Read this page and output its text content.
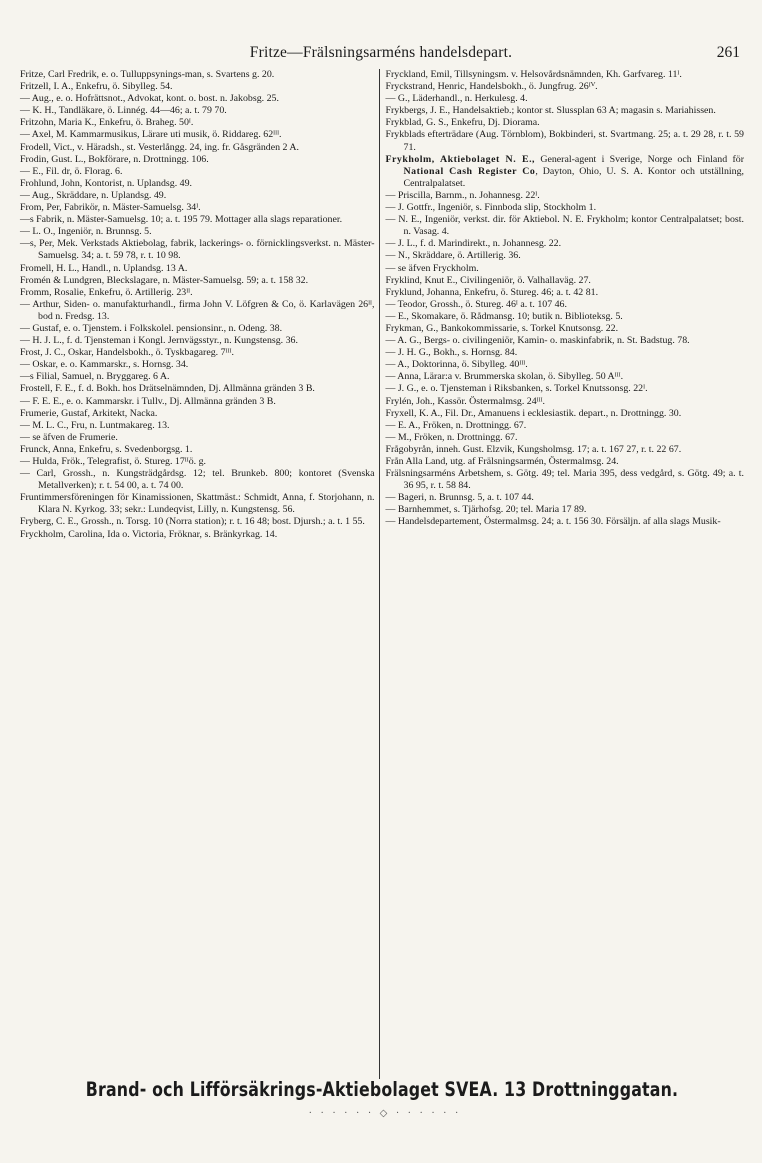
Fritze—Frälsningsarméns handelsdepart.	261

Fritze, Carl Fredrik, e. o. Tulluppsynings-man, s. Svartens g. 20.

Fritzell, I. A., Enkefru, ö. Sibylleg. 54.

— Aug., e. o. Hofrättsnot., Advokat, kont. o. bost. n. Jakobsg. 25.

— K. H., Tandläkare, ö. Linnég. 44—46; a. t. 79 70.

Fritzohn, Maria K., Enkefru, ö. Braheg. 50ᴵ.

— Axel, M. Kammarmusikus, Lärare uti musik, ö. Riddareg. 62ᴵᴵᴵ.

Frodell, Vict., v. Häradsh., st. Vesterlångg. 24, ing. fr. Gåsgränden 2 A.

Frodin, Gust. L., Bokförare, n. Drottningg. 106.

— E., Fil. dr, ö. Florag. 6.

Frohlund, John, Kontorist, n. Uplandsg. 49.

— Aug., Skräddare, n. Uplandsg. 49.

From, Per, Fabrikör, n. Mäster-Samuelsg. 34ᴵ.

—s Fabrik, n. Mäster-Samuelsg. 10; a. t. 195 79. Mottager alla slags reparationer.

— L. O., Ingeniör, n. Brunnsg. 5.

—s, Per, Mek. Verkstads Aktiebolag, fabrik, lackerings- o. förnicklingsverkst. n. Mäster-Samuelsg. 34; a. t. 59 78, r. t. 10 98.

Fromell, H. L., Handl., n. Uplandsg. 13 A.

Fromén & Lundgren, Bleckslagare, n. Mäster-Samuelsg. 59; a. t. 158 32.

Fromm, Rosalie, Enkefru, ö. Artillerig. 23ᴵᴵ.

— Arthur, Siden- o. manufakturhandl., firma John V. Löfgren & Co, ö. Karlavägen 26ᴵᴵ, bod n. Fredsg. 13.

— Gustaf, e. o. Tjenstem. i Folkskolel. pensionsinr., n. Odeng. 38.

— H. J. L., f. d. Tjensteman i Kongl. Jernvägsstyr., n. Kungstensg. 36.

Frost, J. C., Oskar, Handelsbokh., ö. Tyskbagareg. 7ᴵᴵᴵ.

— Oskar, e. o. Kammarskr., s. Hornsg. 34.

—s Filial, Samuel, n. Bryggareg. 6 A.

Frostell, F. E., f. d. Bokh. hos Drätselnämnden, Dj. Allmänna gränden 3 B.

— F. E. E., e. o. Kammarskr. i Tullv., Dj. Allmänna gränden 3 B.

Frumerie, Gustaf, Arkitekt, Nacka.

— M. L. C., Fru, n. Luntmakareg. 13.

— se äfven de Frumerie.

Frunck, Anna, Enkefru, s. Svedenborgsg. 1.

— Hulda, Frök., Telegrafist, ö. Stureg. 17ᴵᴵö. g.

— Carl, Grossh., n. Kungsträdgårdsg. 12; tel. Brunkeb. 800; kontoret (Svenska Metallverken); r. t. 54 00, a. t. 74 00.

Fruntimmersföreningen för Kinamissionen, Skattmäst.: Schmidt, Anna, f. Storjohann, n. Klara N. Kyrkog. 33; sekr.: Lundeqvist, Lilly, n. Kungstensg. 56.

Fryberg, C. E., Grossh., n. Torsg. 10 (Norra station); r. t. 16 48; bost. Djursh.; a. t. 1 55.

Fryckholm, Carolina, Ida o. Victoria, Fröknar, s. Bränkyrkag. 14.

Fryckland, Emil, Tillsyningsm. v. Helsovårdsnämnden, Kh. Garfvareg. 11ᴵ.

Fryckstrand, Henric, Handelsbokh., ö. Jungfrug. 26ᴵⱽ.

— G., Läderhandl., n. Herkulesg. 4.

Frykbergs, J. E., Handelsaktieb.; kontor st. Slussplan 63 A; magasin s. Mariahissen.

Frykblad, G. S., Enkefru, Dj. Diorama.

Frykblads efterträdare (Aug. Törnblom), Bokbinderi, st. Svartmang. 25; a. t. 29 28, r. t. 59 71.

Frykholm, Aktiebolaget N. E., General-agent i Sverige, Norge och Finland för National Cash Register Co, Dayton, Ohio, U. S. A. Kontor och utställning, Centralpalatset.

— Priscilla, Barnm., n. Johannesg. 22ᴵ.

— J. Gottfr., Ingeniör, s. Finnboda slip, Stockholm 1.

— N. E., Ingeniör, verkst. dir. för Aktiebol. N. E. Frykholm; kontor Centralpalatset; bost. n. Vasag. 4.

— J. L., f. d. Marindirekt., n. Johannesg. 22.

— N., Skräddare, ö. Artillerig. 36.

— se äfven Fryckholm.

Fryklind, Knut E., Civilingeniör, ö. Valhallaväg. 27.

Fryklund, Johanna, Enkefru, ö. Stureg. 46; a. t. 42 81.

— Teodor, Grossh., ö. Stureg. 46ᴵ a. t. 107 46.

— E., Skomakare, ö. Rådmansg. 10; butik n. Biblioteksg. 5.

Frykman, G., Bankokommissarie, s. Torkel Knutsonsg. 22.

— A. G., Bergs- o. civilingeniör, Kamin- o. maskinfabrik, n. St. Badstug. 78.

— J. H. G., Bokh., s. Hornsg. 84.

— A., Doktorinna, ö. Sibylleg. 40ᴵᴵᴵ.

— Anna, Lärar:a v. Brummerska skolan, ö. Sibylleg. 50 Aᴵᴵᴵ.

— J. G., e. o. Tjensteman i Riksbanken, s. Torkel Knutssonsg. 22ᴵ.

Frylén, Joh., Kassör. Östermalmsg. 24ᴵᴵᴵ.

Fryxell, K. A., Fil. Dr., Amanuens i ecklesiastik. depart., n. Drottningg. 30.

— E. A., Fröken, n. Drottningg. 67.

— M., Fröken, n. Drottningg. 67.

Frågobyrån, inneh. Gust. Elzvik, Kungsholmsg. 17; a. t. 167 27, r. t. 22 67.

Från Alla Land, utg. af Frälsningsarmén, Östermalmsg. 24.

Frälsningsarméns Arbetshem, s. Götg. 49; tel. Maria 395, dess vedgård, s. Götg. 49; a. t. 36 95, r. t. 58 84.

— Bageri, n. Brunnsg. 5, a. t. 107 44.

— Barnhemmet, s. Tjärhofsg. 20; tel. Maria 17 89.

— Handelsdepartement, Östermalmsg. 24; a. t. 156 30. Försäljn. af alla slags Musik-

Brand- och Lifförsäkrings-Aktiebolaget SVEA. 13 Drottninggatan.
· · · · · · ◇ · · · · · ·
